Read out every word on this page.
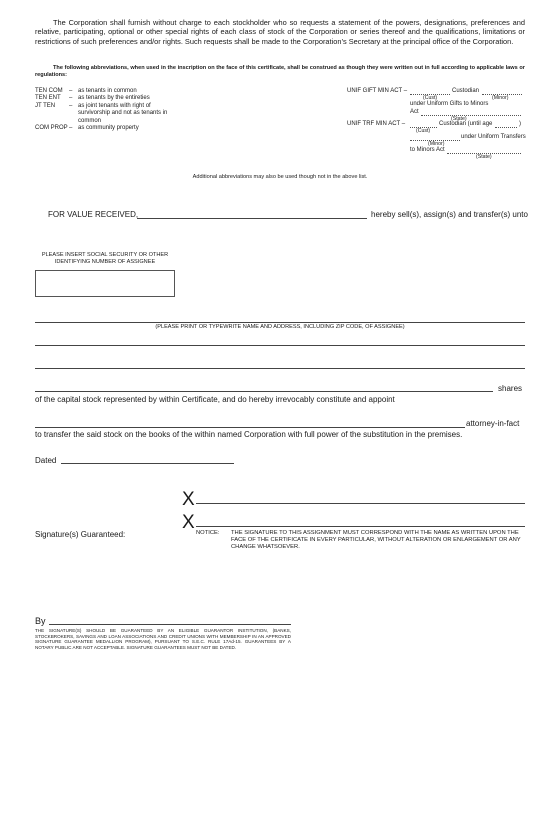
The Corporation shall furnish without charge to each stockholder who so requests a statement of the powers, designations, preferences and relative, participating, optional or other special rights of each class of stock of the Corporation or series thereof and the qualifications, limitations or restrictions of such preferences and/or rights. Such requests shall be made to the Corporation’s Secretary at the principal office of the Corporation.

The following abbreviations, when used in the inscription on the face of this certificate, shall be construed as though they were written out in full according to applicable laws or regulations:
TEN COM	– as tenants in common
TEN ENT	– as tenants by the entireties
JT TEN	– as joint tenants with right of survivorship and not as tenants in common
COM PROP – as community property
UNIF GIFT MIN ACT –	Custodian
(Cust)	(Minor)
under Uniform Gifts to Minors
Act
(State)
UNIF TRF MIN ACT –	Custodian (until age	)
(Cust)
under Uniform Transfers
(Minor)
to Minors Act
(State)
Additional abbreviations may also be used though not in the above list.
FOR VALUE RECEIVED,	hereby sell(s), assign(s) and transfer(s) unto
PLEASE INSERT SOCIAL SECURITY OR OTHER
IDENTIFYING NUMBER OF ASSIGNEE
(PLEASE PRINT OR TYPEWRITE NAME AND ADDRESS, INCLUDING ZIP CODE, OF ASSIGNEE)
shares
of the capital stock represented by within Certificate, and do hereby irrevocably constitute and appoint
attorney-in-fact
to transfer the said stock on the books of the within named Corporation with full power of the substitution in the premises.
Dated
X
X
Signature(s) Guaranteed:	NOTICE: THE SIGNATURE TO THIS ASSIGNMENT MUST CORRESPOND WITH THE NAME AS WRITTEN UPON THE FACE OF THE CERTIFICATE IN EVERY PARTICULAR, WITHOUT ALTERATION OR ENLARGEMENT OR ANY CHANGE WHATSOEVER.
By
THE SIGNATURE(S) SHOULD BE GUARANTEED BY AN ELIGIBLE GUARANTOR INSTITUTION, (BANKS, STOCKBROKERS, SAVINGS AND LOAN ASSOCIATIONS AND CREDIT UNIONS WITH MEMBERSHIP IN AN APPROVED SIGNATURE GUARANTEE MEDALLION PROGRAM), PURSUANT TO S.E.C. RULE 17Ad-15. GUARANTEES BY A NOTARY PUBLIC ARE NOT ACCEPTABLE. SIGNATURE GUARANTEES MUST NOT BE DATED.
